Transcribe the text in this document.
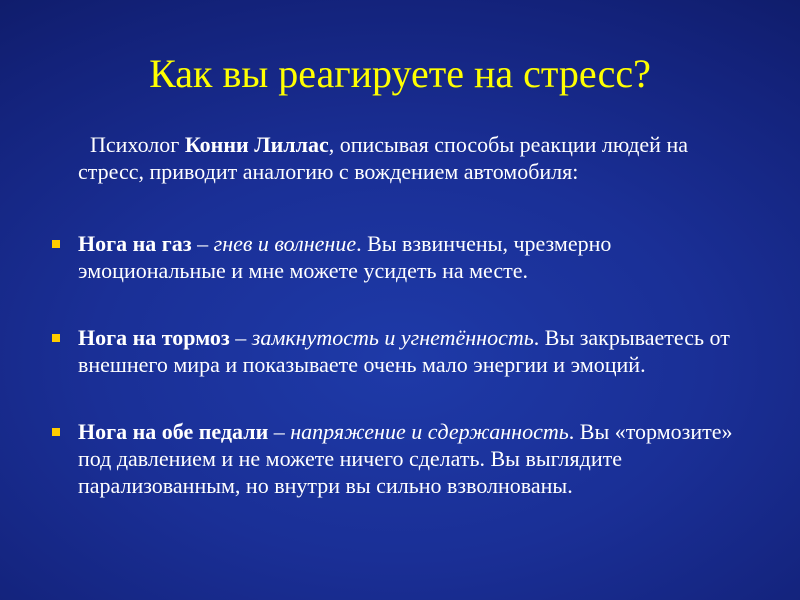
Как вы реагируете на стресс?

Психолог Конни Лиллас, описывая способы реакции людей на стресс, приводит аналогию с вождением автомобиля:

Нога на газ – гнев и волнение. Вы взвинчены, чрезмерно эмоциональные и мне можете усидеть на месте.
Нога на тормоз – замкнутость и угнетённость. Вы закрываетесь от внешнего мира и показываете очень мало энергии и эмоций.
Нога на обе педали – напряжение и сдержанность. Вы «тормозите» под давлением и не можете ничего сделать. Вы выглядите парализованным, но внутри вы сильно взволнованы.
